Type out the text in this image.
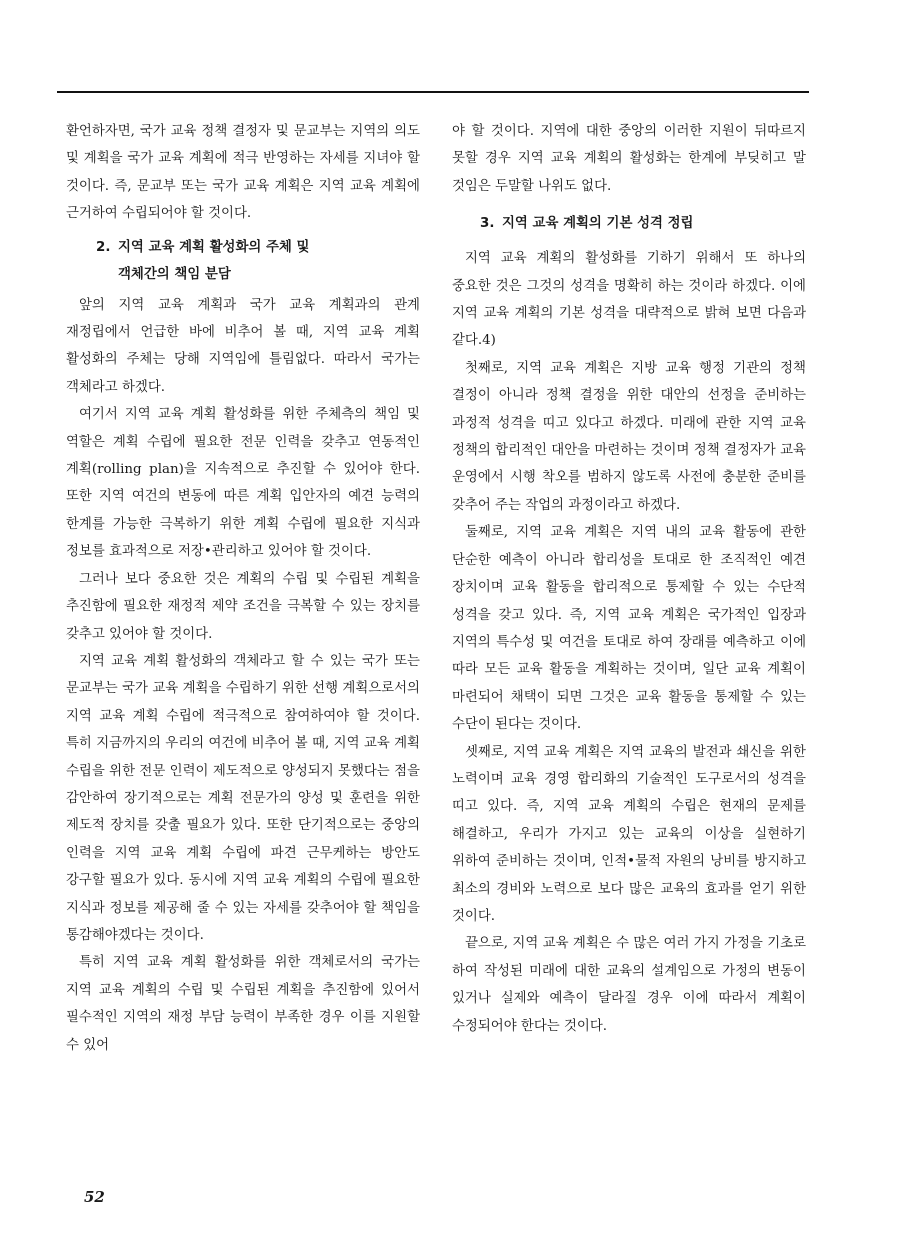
환언하자면, 국가 교육 정책 결정자 및 문교부는 지역의 의도 및 계획을 국가 교육 계획에 적극 반영하는 자세를 지녀야 할 것이다. 즉, 문교부 또는 국가 교육 계획은 지역 교육 계획에 근거하여 수립되어야 할 것이다.

2. 지역 교육 계획 활성화의 주체 및
객체간의 책임 분담

앞의 지역 교육 계획과 국가 교육 계획과의 관계 재정립에서 언급한 바에 비추어 볼 때, 지역 교육 계획 활성화의 주체는 당해 지역임에 틀림없다. 따라서 국가는 객체라고 하겠다.

여기서 지역 교육 계획 활성화를 위한 주체측의 책임 및 역할은 계획 수립에 필요한 전문 인력을 갖추고 연동적인 계획(rolling plan)을 지속적으로 추진할 수 있어야 한다. 또한 지역 여건의 변동에 따른 계획 입안자의 예견 능력의 한계를 가능한 극복하기 위한 계획 수립에 필요한 지식과 정보를 효과적으로 저장•관리하고 있어야 할 것이다.

그러나 보다 중요한 것은 계획의 수립 및 수립된 계획을 추진함에 필요한 재정적 제약 조건을 극복할 수 있는 장치를 갖추고 있어야 할 것이다.

지역 교육 계획 활성화의 객체라고 할 수 있는 국가 또는 문교부는 국가 교육 계획을 수립하기 위한 선행 계획으로서의 지역 교육 계획 수립에 적극적으로 참여하여야 할 것이다. 특히 지금까지의 우리의 여건에 비추어 볼 때, 지역 교육 계획 수립을 위한 전문 인력이 제도적으로 양성되지 못했다는 점을 감안하여 장기적으로는 계획 전문가의 양성 및 훈련을 위한 제도적 장치를 갖출 필요가 있다. 또한 단기적으로는 중앙의 인력을 지역 교육 계획 수립에 파견 근무케하는 방안도 강구할 필요가 있다. 동시에 지역 교육 계획의 수립에 필요한 지식과 정보를 제공해 줄 수 있는 자세를 갖추어야 할 책임을 통감해야겠다는 것이다.

특히 지역 교육 계획 활성화를 위한 객체로서의 국가는 지역 교육 계획의 수립 및 수립된 계획을 추진함에 있어서 필수적인 지역의 재정 부담 능력이 부족한 경우 이를 지원할 수 있어

야 할 것이다. 지역에 대한 중앙의 이러한 지원이 뒤따르지 못할 경우 지역 교육 계획의 활성화는 한계에 부딪히고 말 것임은 두말할 나위도 없다.

3. 지역 교육 계획의 기본 성격 정립

지역 교육 계획의 활성화를 기하기 위해서 또 하나의 중요한 것은 그것의 성격을 명확히 하는 것이라 하겠다. 이에 지역 교육 계획의 기본 성격을 대략적으로 밝혀 보면 다음과 같다.4)

첫째로, 지역 교육 계획은 지방 교육 행정 기관의 정책 결정이 아니라 정책 결정을 위한 대안의 선정을 준비하는 과정적 성격을 띠고 있다고 하겠다. 미래에 관한 지역 교육 정책의 합리적인 대안을 마련하는 것이며 정책 결정자가 교육 운영에서 시행 착오를 범하지 않도록 사전에 충분한 준비를 갖추어 주는 작업의 과정이라고 하겠다.

둘째로, 지역 교육 계획은 지역 내의 교육 활동에 관한 단순한 예측이 아니라 합리성을 토대로 한 조직적인 예견 장치이며 교육 활동을 합리적으로 통제할 수 있는 수단적 성격을 갖고 있다. 즉, 지역 교육 계획은 국가적인 입장과 지역의 특수성 및 여건을 토대로 하여 장래를 예측하고 이에 따라 모든 교육 활동을 계획하는 것이며, 일단 교육 계획이 마련되어 채택이 되면 그것은 교육 활동을 통제할 수 있는 수단이 된다는 것이다.

셋째로, 지역 교육 계획은 지역 교육의 발전과 쇄신을 위한 노력이며 교육 경영 합리화의 기술적인 도구로서의 성격을 띠고 있다. 즉, 지역 교육 계획의 수립은 현재의 문제를 해결하고, 우리가 가지고 있는 교육의 이상을 실현하기 위하여 준비하는 것이며, 인적•물적 자원의 낭비를 방지하고 최소의 경비와 노력으로 보다 많은 교육의 효과를 얻기 위한 것이다.

끝으로, 지역 교육 계획은 수 많은 여러 가지 가정을 기초로 하여 작성된 미래에 대한 교육의 설계임으로 가정의 변동이 있거나 실제와 예측이 달라질 경우 이에 따라서 계획이 수정되어야 한다는 것이다.

52
